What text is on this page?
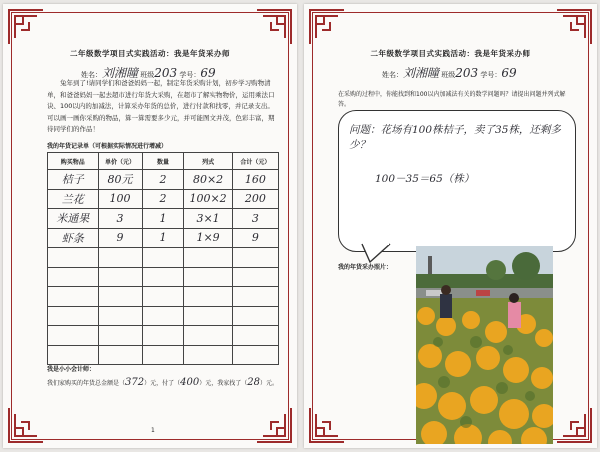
二年级数学项目式实践活动：我是年货采办师
姓名：刘湘瞳 班级203 学号：69
兔年到了!请同学们和爸爸妈妈一起，制定年货采购计划，初步学习购物清单，和爸爸妈妈一起去超市进行年货大采购，在超市了解实物物价，运用乘法口诀、100以内的加减法，计算采办年货的总价，进行付款和找零，并记录支出。可以画一画你采购的物品，算一算需要多少元，并可能图文并茂，色彩丰富，期待同学们的作品！
我的年货记录单（可根据实际情况进行增减）
购买物品	单价（元）	数量	列式	合计（元）
桔子	80元	2	80×2	160
兰花	100	2	100×2	200
米通果	3	1	3×1	3
虾条	9	1	1×9	9

我是小小会计师：
我们家购买的年货总金额是（372）元，付了（400）元，我家找了（28）元。
1
二年级数学项目式实践活动：我是年货采办师
姓名：刘湘瞳 班级203 学号：69
在采购的过程中，你能找到和100以内加减法有关的数学问题吗？请提出问题并列式解答。
问题：花场有100株桔子，卖了35株，还剩多少？
100－35＝65（株）
我的年货采办照片：
